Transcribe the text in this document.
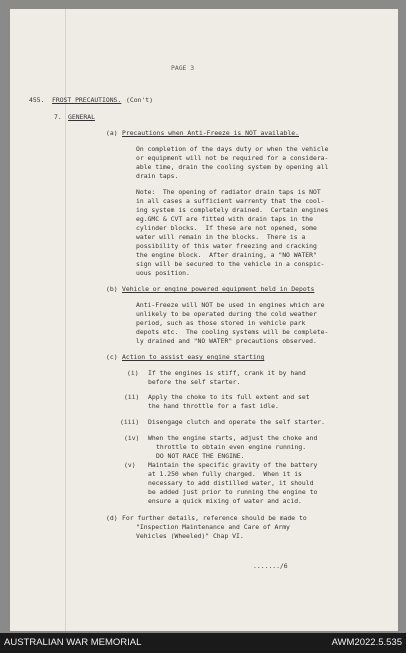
PAGE 3
455. FROST PRECAUTIONS. (Con't)
7. GENERAL
(a) Precautions when Anti-Freeze is NOT available.
On completion of the days duty or when the vehicle
or equipment will not be required for a considera-
able time, drain the cooling system by opening all
drain taps.
Note:  The opening of radiator drain taps is NOT
in all cases a sufficient warrenty that the cool-
ing system is completely drained.  Certain engines
eg.GMC & CVT are fitted with drain taps in the
cylinder blocks.  If these are not opened, some
water will remain in the blocks.  There is a
possibility of this water freezing and cracking
the engine block.  After draining, a "NO WATER"
sign will be secured to the vehicle in a conspic-
uous position.
(b) Vehicle or engine powered equipment held in Depots
Anti-Freeze will NOT be used in engines which are
unlikely to be operated during the cold weather
period, such as those stored in vehicle park
depots etc.  The cooling systems will be complete-
ly drained and "NO WATER" precautions observed.
(c) Action to assist easy engine starting
(i) If the engines is stiff, crank it by hand
before the self starter.
(ii) Apply the choke to its full extent and set
the hand throttle for a fast idle.
(iii) Disengage clutch and operate the self starter.
(iv) When the engine starts, adjust the choke and
throttle to obtain even engine running.
DO NOT RACE THE ENGINE.
(v) Maintain the specific gravity of the battery
at 1.250 when fully charged.  When it is
necessary to add distilled water, it should
be added just prior to running the engine to
ensure a quick mixing of water and acid.
(d) For further details, reference should be made to
"Inspection Maintenance and Care of Army
Vehicles (Wheeled)" Chap VI.
......./6
AUSTRALIAN WAR MEMORIAL	AWM2022.5.535
